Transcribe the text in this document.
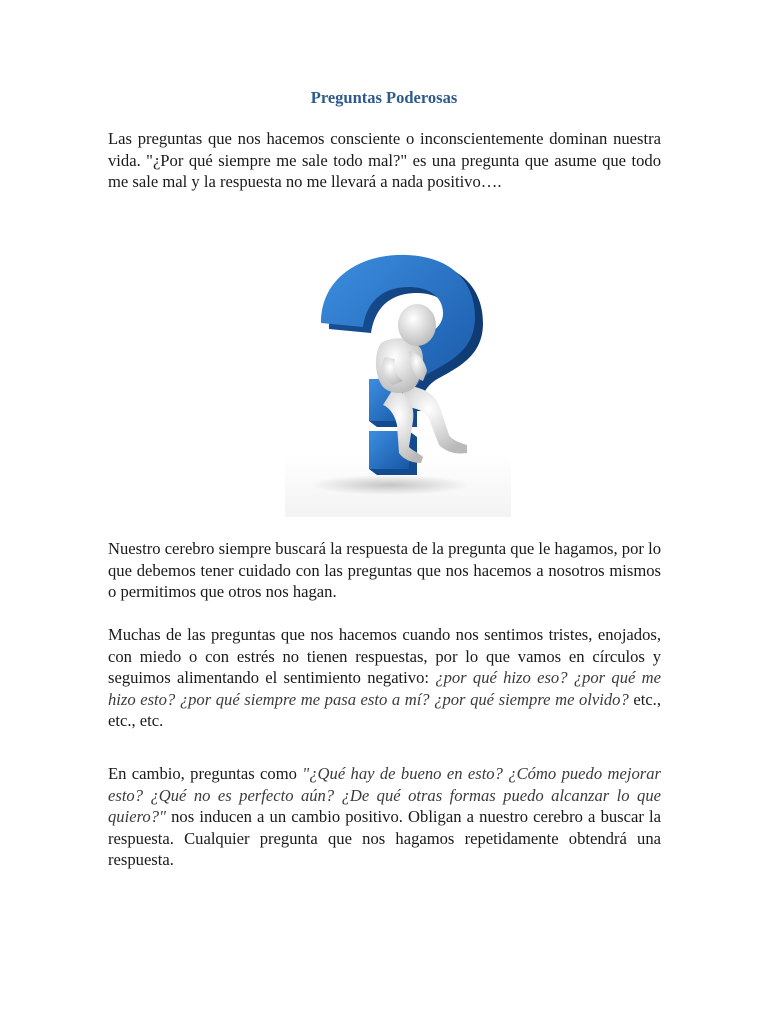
Preguntas Poderosas

Las preguntas que nos hacemos consciente o inconscientemente dominan nuestra vida. "¿Por qué siempre me sale todo mal?" es una pregunta que asume que todo me sale mal y la respuesta no me llevará a nada positivo….

Nuestro cerebro siempre buscará la respuesta de la pregunta que le hagamos, por lo que debemos tener cuidado con las preguntas que nos hacemos a nosotros mismos o permitimos que otros nos hagan.

Muchas de las preguntas que nos hacemos cuando nos sentimos tristes, enojados, con miedo o con estrés no tienen respuestas, por lo que vamos en círculos y seguimos alimentando el sentimiento negativo: ¿por qué hizo eso? ¿por qué me hizo esto? ¿por qué siempre me pasa esto a mí? ¿por qué siempre me olvido? etc., etc., etc.

En cambio, preguntas como "¿Qué hay de bueno en esto? ¿Cómo puedo mejorar esto? ¿Qué no es perfecto aún? ¿De qué otras formas puedo alcanzar lo que quiero?" nos inducen a un cambio positivo. Obligan a nuestro cerebro a buscar la respuesta. Cualquier pregunta que nos hagamos repetidamente obtendrá una respuesta.
